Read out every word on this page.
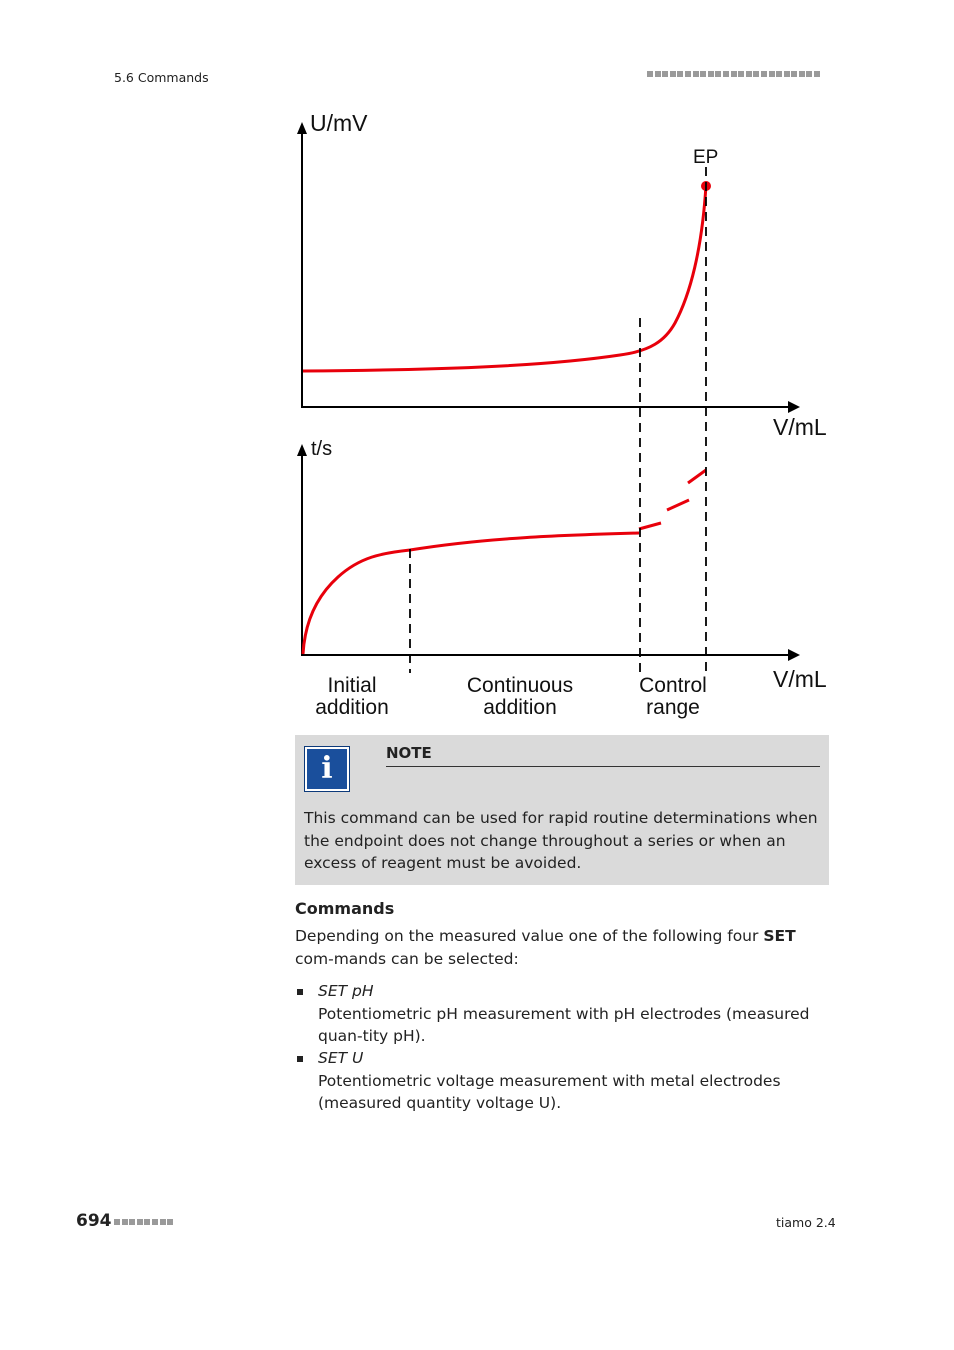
5.6 Commands
U/mV
V/mL
EP
t/s
V/mL
Initial
addition
Continuous
addition
Control
range
i	NOTE
This command can be used for rapid routine determinations when the endpoint does not change throughout a series or when an excess of reagent must be avoided.
Commands
Depending on the measured value one of the following four SET com-mands can be selected:
SET pH
Potentiometric pH measurement with pH electrodes (measured quan-tity pH).
SET U
Potentiometric voltage measurement with metal electrodes (measured quantity voltage U).
694	tiamo 2.4
